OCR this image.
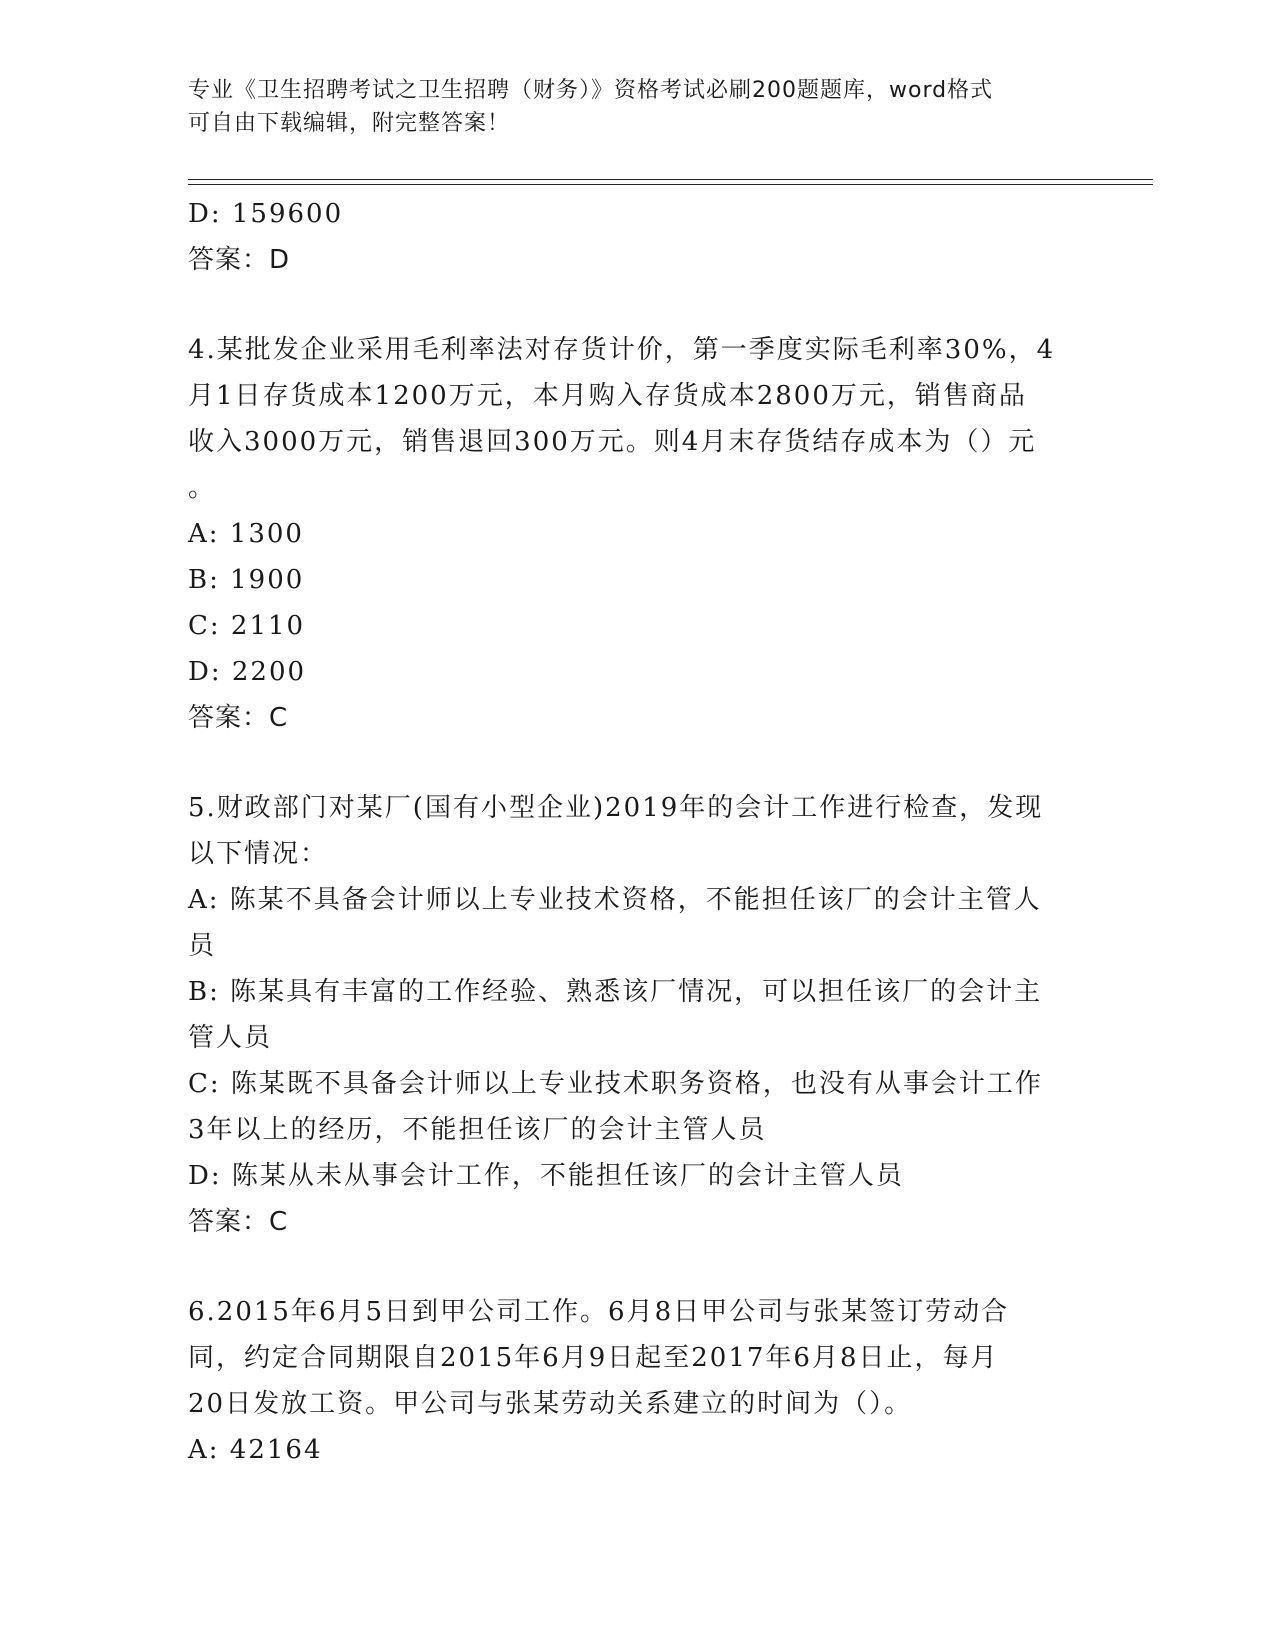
专业《卫生招聘考试之卫生招聘（财务）》资格考试必刷200题题库，word格式
可自由下载编辑，附完整答案！
D: 159600
答案：D
4.某批发企业采用毛利率法对存货计价，第一季度实际毛利率30%，4
月1日存货成本1200万元，本月购入存货成本2800万元，销售商品
收入3000万元，销售退回300万元。则4月末存货结存成本为（）元
。
A: 1300
B: 1900
C: 2110
D: 2200
答案：C
5.财政部门对某厂(国有小型企业)2019年的会计工作进行检查，发现
以下情况：
A: 陈某不具备会计师以上专业技术资格，不能担任该厂的会计主管人
员
B: 陈某具有丰富的工作经验、熟悉该厂情况，可以担任该厂的会计主
管人员
C: 陈某既不具备会计师以上专业技术职务资格，也没有从事会计工作
3年以上的经历，不能担任该厂的会计主管人员
D: 陈某从未从事会计工作，不能担任该厂的会计主管人员
答案：C
6.2015年6月5日到甲公司工作。6月8日甲公司与张某签订劳动合
同，约定合同期限自2015年6月9日起至2017年6月8日止，每月
20日发放工资。甲公司与张某劳动关系建立的时间为（）。
A: 42164
